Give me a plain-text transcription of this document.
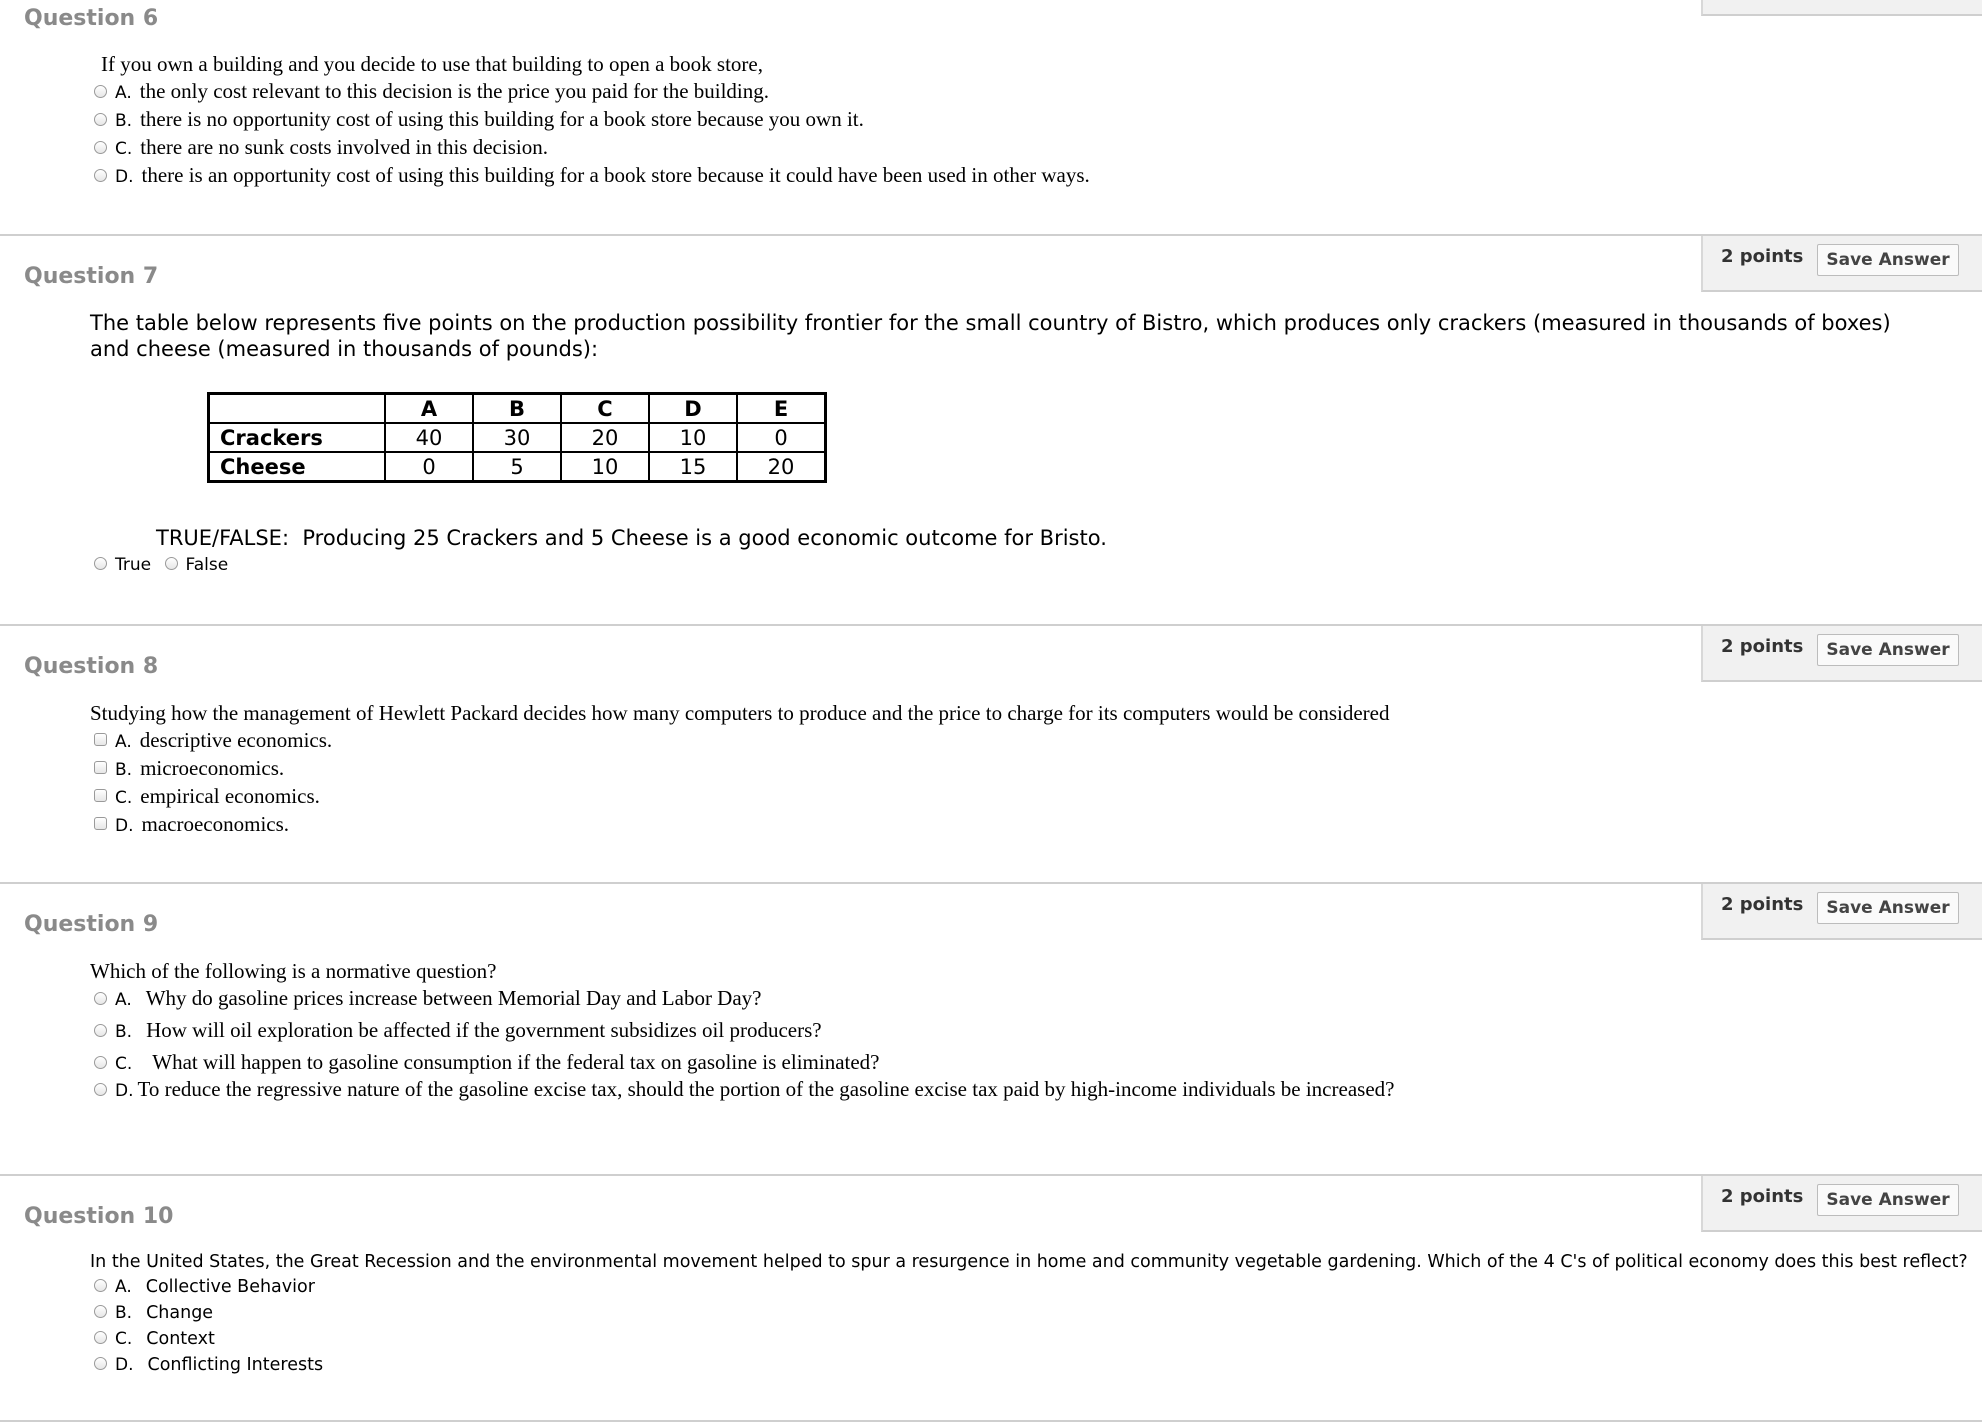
Question 6
If you own a building and you decide to use that building to open a book store,
A. the only cost relevant to this decision is the price you paid for the building.
B. there is no opportunity cost of using this building for a book store because you own it.
C. there are no sunk costs involved in this decision.
D. there is an opportunity cost of using this building for a book store because it could have been used in other ways.
2 points	Save Answer
Question 7
The table below represents five points on the production possibility frontier for the small country of Bistro, which produces only crackers (measured in thousands of boxes)
and cheese (measured in thousands of pounds):
	A	B	C	D	E
Crackers	40	30	20	10	0
Cheese	0	5	10	15	20
TRUE/FALSE:  Producing 25 Crackers and 5 Cheese is a good economic outcome for Bristo.
True False
2 points	Save Answer
Question 8
Studying how the management of Hewlett Packard decides how many computers to produce and the price to charge for its computers would be considered
A. descriptive economics.
B. microeconomics.
C. empirical economics.
D. macroeconomics.
2 points	Save Answer
Question 9
Which of the following is a normative question?
A. Why do gasoline prices increase between Memorial Day and Labor Day?
B. How will oil exploration be affected if the government subsidizes oil producers?
C. What will happen to gasoline consumption if the federal tax on gasoline is eliminated?
D. To reduce the regressive nature of the gasoline excise tax, should the portion of the gasoline excise tax paid by high-income individuals be increased?
2 points	Save Answer
Question 10
In the United States, the Great Recession and the environmental movement helped to spur a resurgence in home and community vegetable gardening. Which of the 4 C's of political economy does this best reflect?
A. Collective Behavior
B. Change
C. Context
D. Conflicting Interests
